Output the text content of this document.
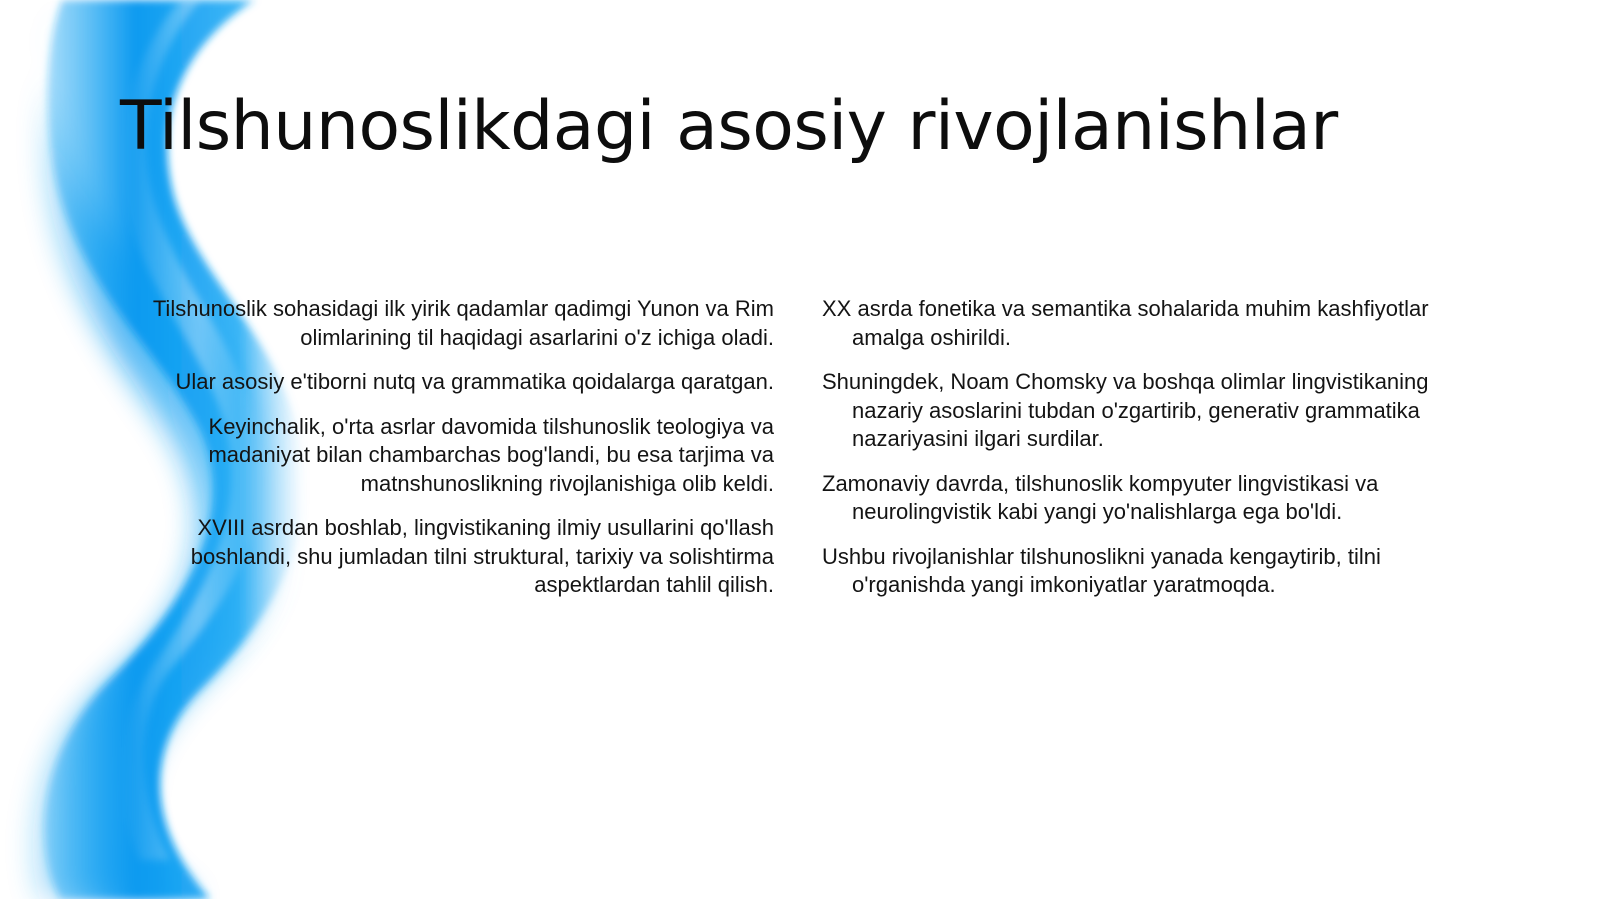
Tilshunoslikdagi asosiy rivojlanishlar

Tilshunoslik sohasidagi ilk yirik qadamlar qadimgi Yunon va Rim olimlarining til haqidagi asarlarini o'z ichiga oladi.

Ular asosiy e'tiborni nutq va grammatika qoidalarga qaratgan.

Keyinchalik, o'rta asrlar davomida tilshunoslik teologiya va madaniyat bilan chambarchas bog'landi, bu esa tarjima va matnshunoslikning rivojlanishiga olib keldi.

XVIII asrdan boshlab, lingvistikaning ilmiy usullarini qo'llash boshlandi, shu jumladan tilni struktural, tarixiy va solishtirma aspektlardan tahlil qilish.

XX asrda fonetika va semantika sohalarida muhim kashfiyotlar amalga oshirildi.

Shuningdek, Noam Chomsky va boshqa olimlar lingvistikaning nazariy asoslarini tubdan o'zgartirib, generativ grammatika nazariyasini ilgari surdilar.

Zamonaviy davrda, tilshunoslik kompyuter lingvistikasi va neurolingvistik kabi yangi yo'nalishlarga ega bo'ldi.

Ushbu rivojlanishlar tilshunoslikni yanada kengaytirib, tilni o'rganishda yangi imkoniyatlar yaratmoqda.
